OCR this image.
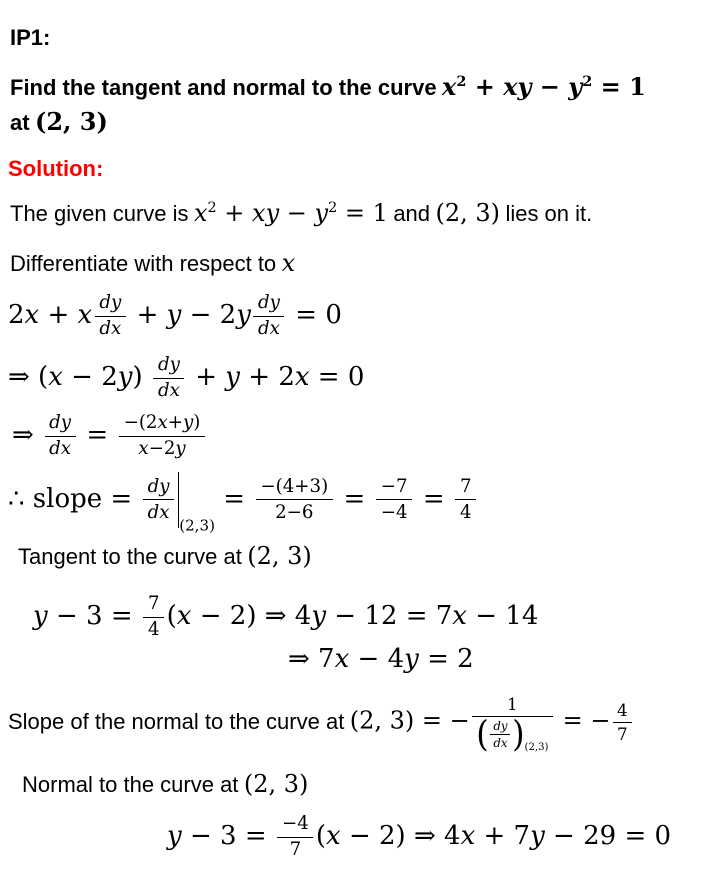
IP1:
Find the tangent and normal to the curve $x^2$ + xy − $y^2 = 1$
at (2, 3)
Solution:
The given curve is $x^2$ + xy − $y^2 = 1$ and (2, 3) lies on it.
Differentiate with respect to x
2x + x $\frac{dy}{dx} + y - 2y \frac{dy}{dx} = 0$
⇒ $(x - 2y) \frac{dy}{dx} + y + 2x = 0$
⇒ $\frac{dy}{dx} = \frac{-(2x+y)}{x-2y}$
∴ slope = $\frac{dy}{dx}$
(2,3)
= $\frac{-(4+3)}{2-6} = \frac{-7}{-4} = \frac{7}{4}$
Tangent to the curve at (2, 3)
$y - 3 = \frac{7}{4} (x - 2)$ ⇒ 4y − 12 = 7x − 14
⇒ 7x − 4y = 2
Slope of the normal to the curve at (2, 3) = − $\frac{1}{( \frac{dy}{dx} ) (2,3)}$ = − $\frac{4}{7}$
Normal to the curve at (2, 3)
$y - 3 = \frac{-4}{7} (x - 2)$ ⇒ 4x + 7y − 29 = 0
